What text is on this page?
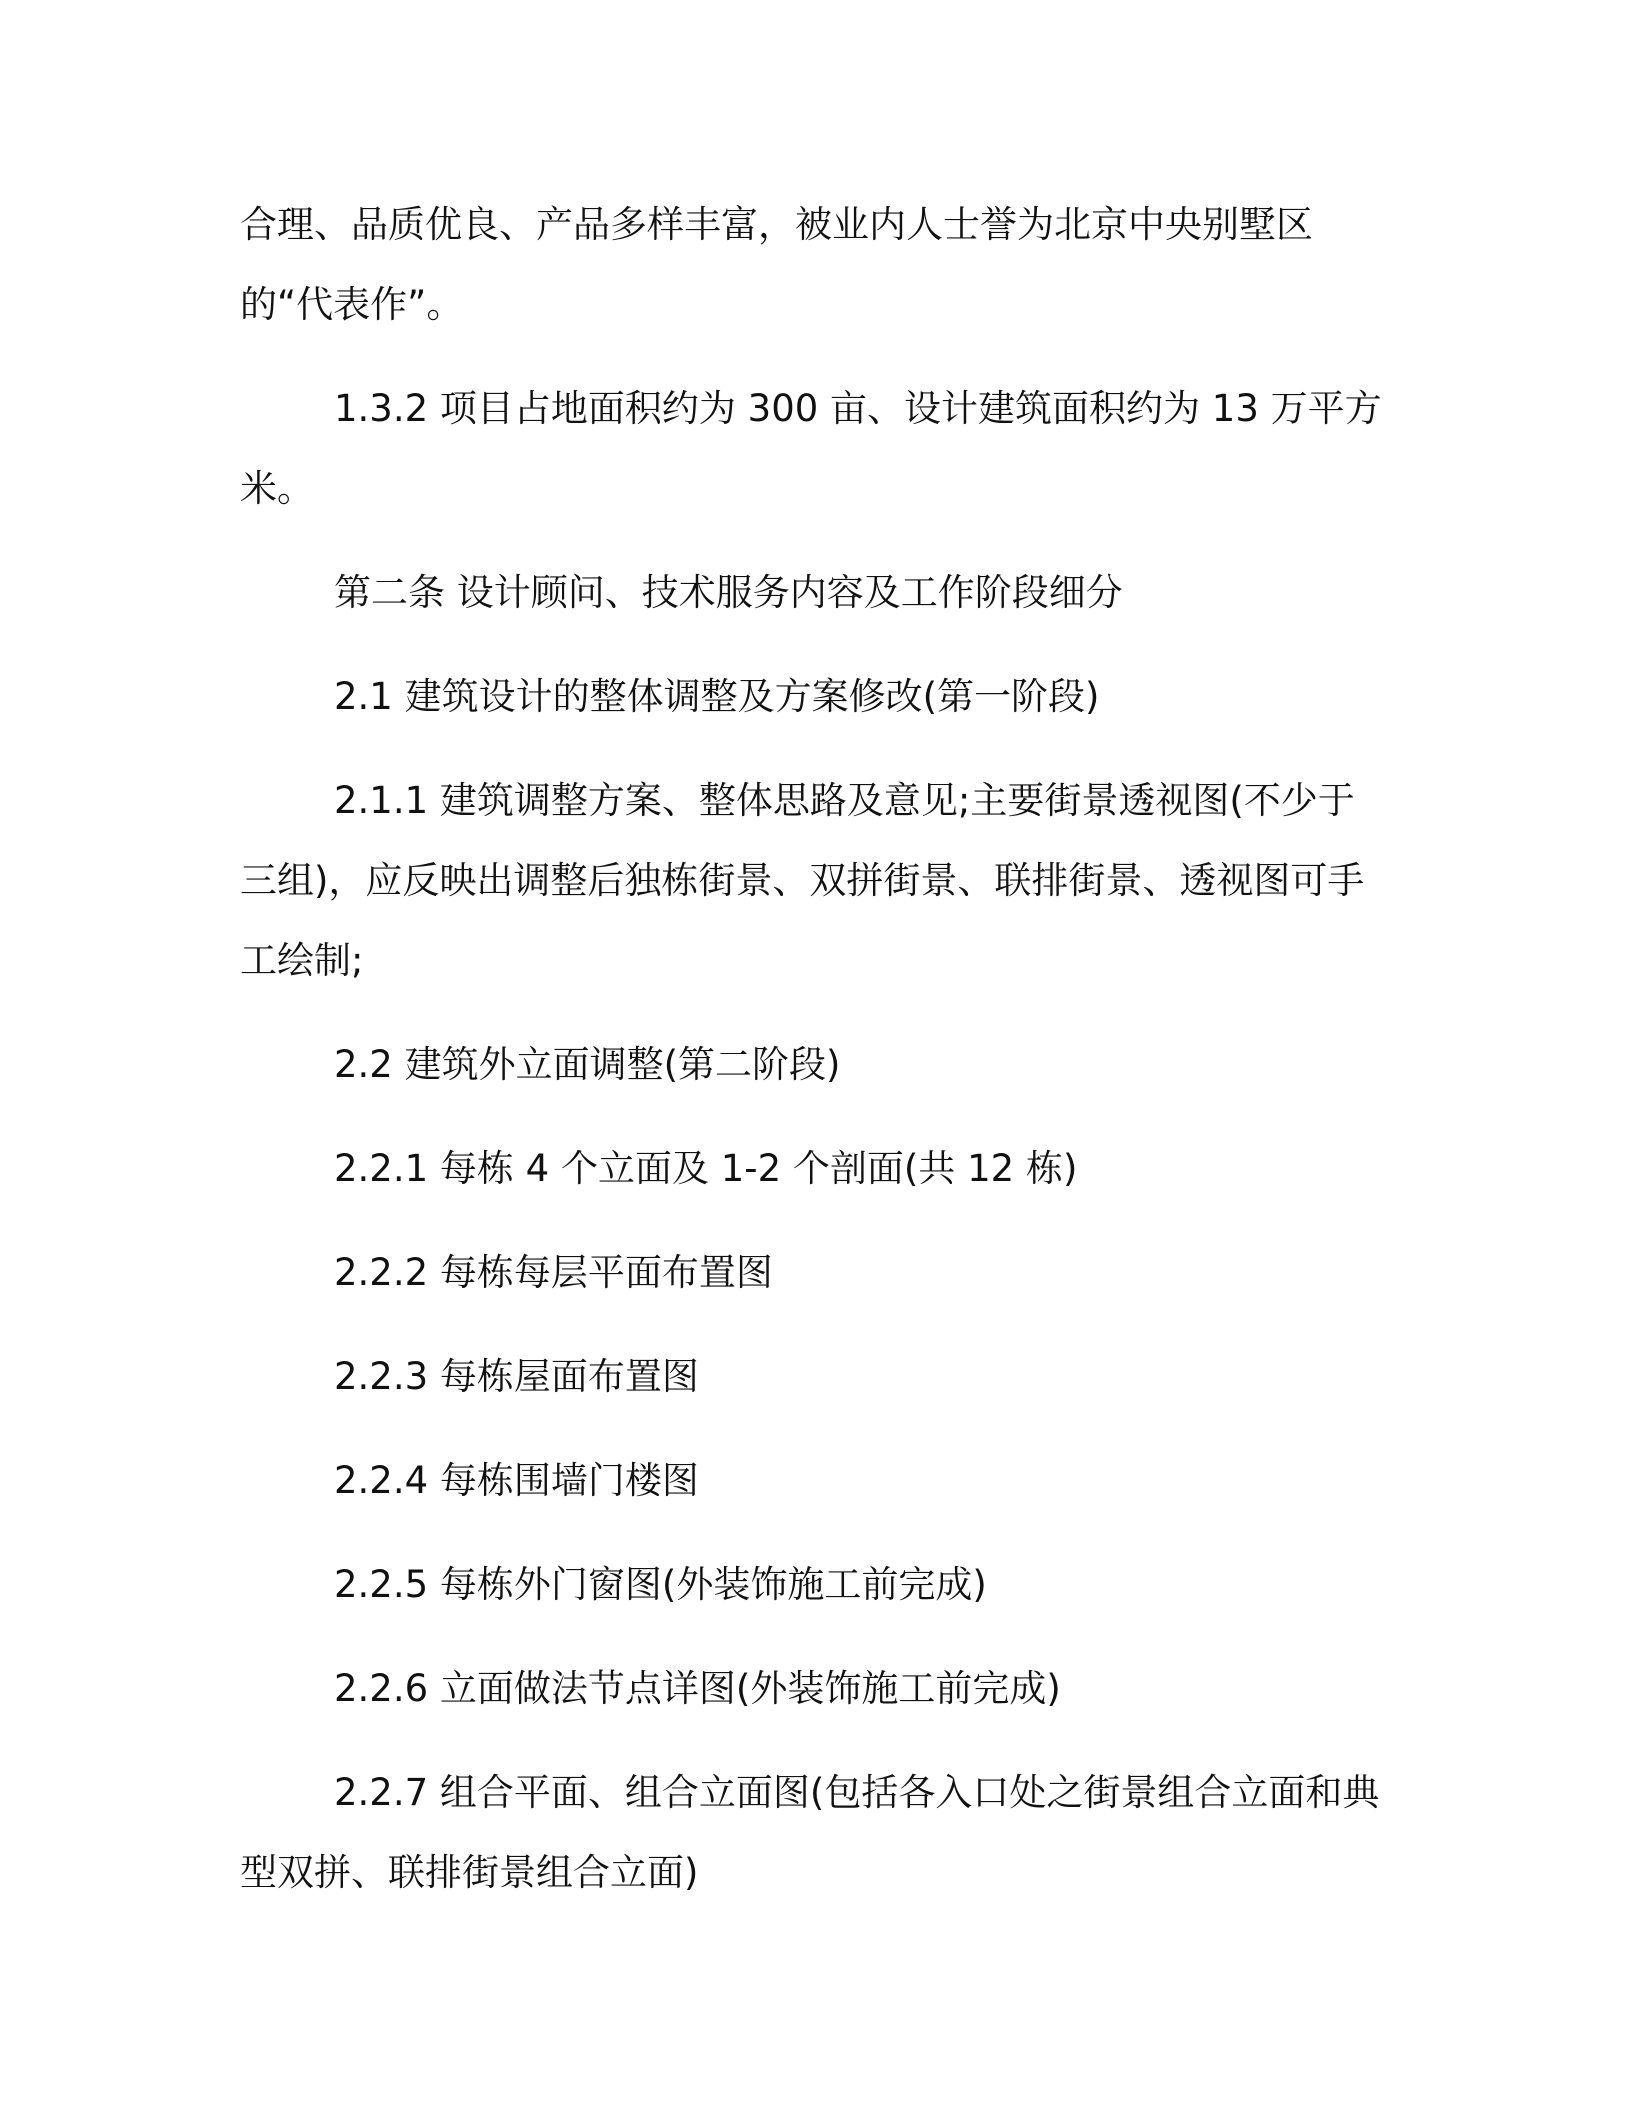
合理、品质优良、产品多样丰富，被业内人士誉为北京中央别墅区的“代表作”。

1.3.2 项目占地面积约为 300 亩、设计建筑面积约为 13 万平方米。

第二条 设计顾问、技术服务内容及工作阶段细分

2.1 建筑设计的整体调整及方案修改(第一阶段)

2.1.1 建筑调整方案、整体思路及意见;主要街景透视图(不少于三组)，应反映出调整后独栋街景、双拼街景、联排街景、透视图可手工绘制;

2.2 建筑外立面调整(第二阶段)

2.2.1 每栋 4 个立面及 1-2 个剖面(共 12 栋)

2.2.2 每栋每层平面布置图

2.2.3 每栋屋面布置图

2.2.4 每栋围墙门楼图

2.2.5 每栋外门窗图(外装饰施工前完成)

2.2.6 立面做法节点详图(外装饰施工前完成)

2.2.7 组合平面、组合立面图(包括各入口处之街景组合立面和典型双拼、联排街景组合立面)
